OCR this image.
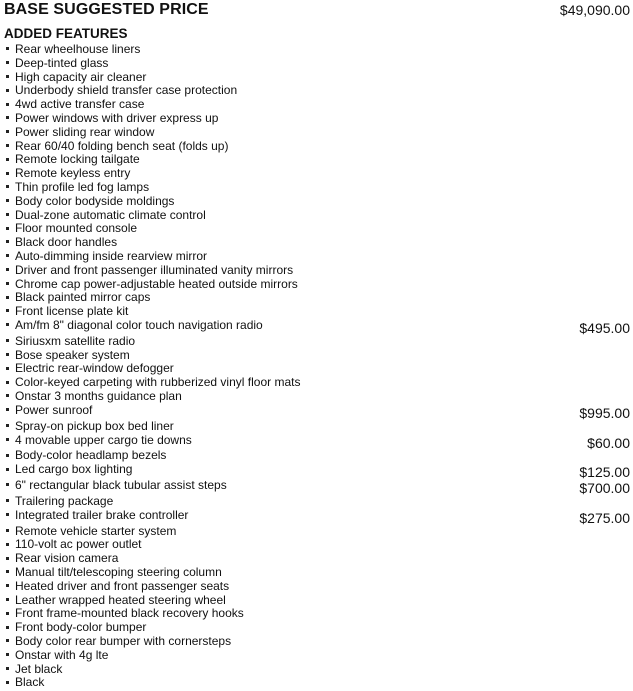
BASE SUGGESTED PRICE	$49,090.00
ADDED FEATURES
Rear wheelhouse liners
Deep-tinted glass
High capacity air cleaner
Underbody shield transfer case protection
4wd active transfer case
Power windows with driver express up
Power sliding rear window
Rear 60/40 folding bench seat (folds up)
Remote locking tailgate
Remote keyless entry
Thin profile led fog lamps
Body color bodyside moldings
Dual-zone automatic climate control
Floor mounted console
Black door handles
Auto-dimming inside rearview mirror
Driver and front passenger illuminated vanity mirrors
Chrome cap power-adjustable heated outside mirrors
Black painted mirror caps
Front license plate kit
Am/fm 8" diagonal color touch navigation radio	$495.00
Siriusxm satellite radio
Bose speaker system
Electric rear-window defogger
Color-keyed carpeting with rubberized vinyl floor mats
Onstar 3 months guidance plan
Power sunroof	$995.00
Spray-on pickup box bed liner
4 movable upper cargo tie downs	$60.00
Body-color headlamp bezels
Led cargo box lighting	$125.00
6" rectangular black tubular assist steps	$700.00
Trailering package
Integrated trailer brake controller	$275.00
Remote vehicle starter system
110-volt ac power outlet
Rear vision camera
Manual tilt/telescoping steering column
Heated driver and front passenger seats
Leather wrapped heated steering wheel
Front frame-mounted black recovery hooks
Front body-color bumper
Body color rear bumper with cornersteps
Onstar with 4g lte
Jet black
Black
